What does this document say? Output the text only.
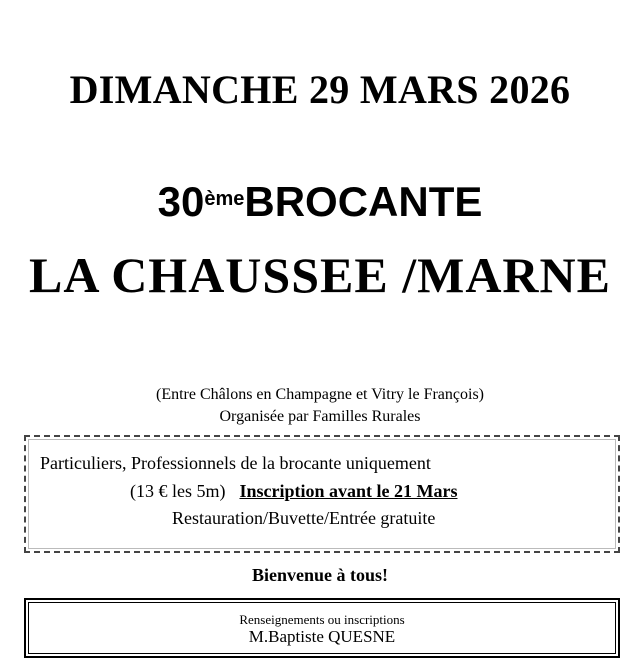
DIMANCHE 29 MARS 2026
30èmeBROCANTE
LA CHAUSSEE /MARNE
(Entre Châlons en Champagne et Vitry le François)
Organisée par Familles Rurales
Particuliers, Professionnels de la brocante uniquement
(13 € les 5m) Inscription avant le 21 Mars
Restauration/Buvette/Entrée gratuite
Bienvenue à tous!
Renseignements ou inscriptions
M.Baptiste QUESNE
